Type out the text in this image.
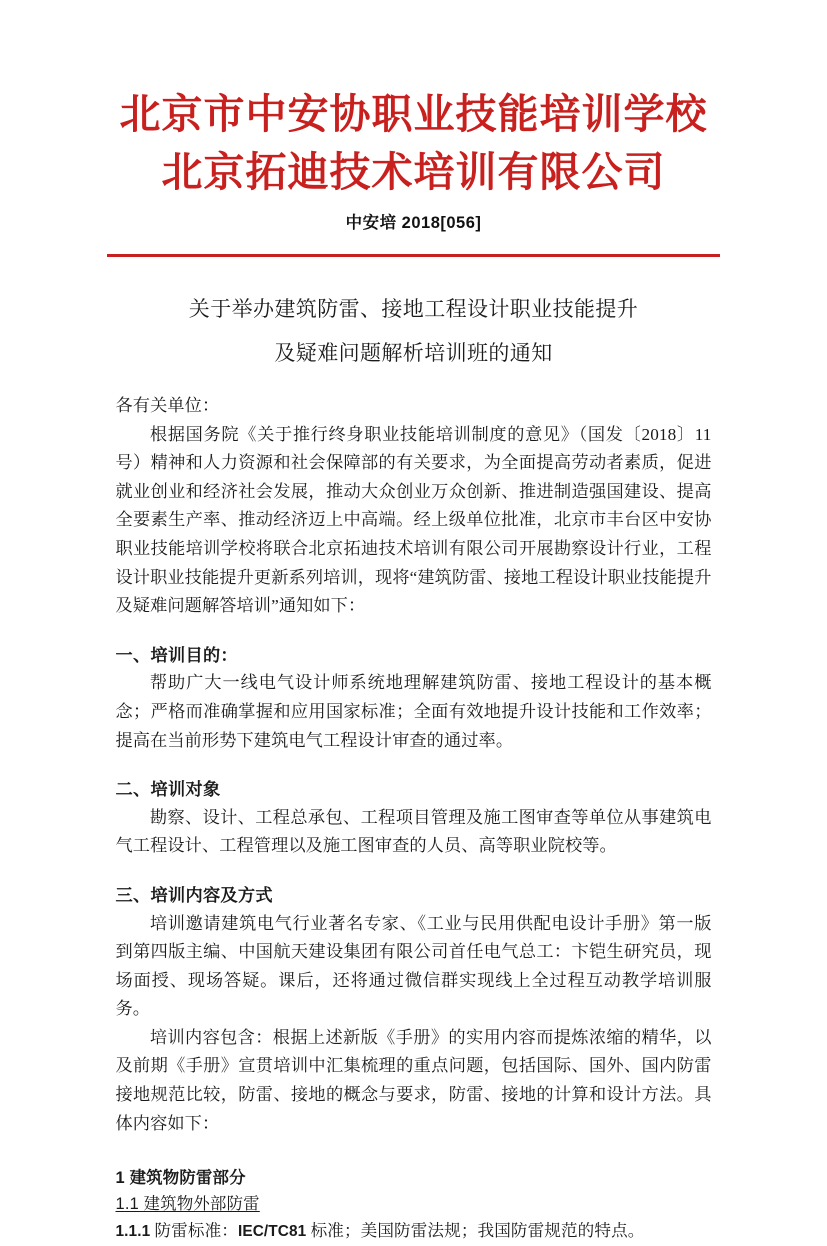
北京市中安协职业技能培训学校
北京拓迪技术培训有限公司
中安培 2018[056]
关于举办建筑防雷、接地工程设计职业技能提升
及疑难问题解析培训班的通知

各有关单位：

根据国务院《关于推行终身职业技能培训制度的意见》（国发〔2018〕11 号）精神和人力资源和社会保障部的有关要求，为全面提高劳动者素质，促进就业创业和经济社会发展，推动大众创业万众创新、推进制造强国建设、提高全要素生产率、推动经济迈上中高端。经上级单位批准，北京市丰台区中安协职业技能培训学校将联合北京拓迪技术培训有限公司开展勘察设计行业，工程设计职业技能提升更新系列培训，现将“建筑防雷、接地工程设计职业技能提升及疑难问题解答培训”通知如下：

一、培训目的：

帮助广大一线电气设计师系统地理解建筑防雷、接地工程设计的基本概念；严格而准确掌握和应用国家标准；全面有效地提升设计技能和工作效率；提高在当前形势下建筑电气工程设计审查的通过率。

二、培训对象

勘察、设计、工程总承包、工程项目管理及施工图审查等单位从事建筑电气工程设计、工程管理以及施工图审查的人员、高等职业院校等。

三、培训内容及方式

培训邀请建筑电气行业著名专家、《工业与民用供配电设计手册》第一版到第四版主编、中国航天建设集团有限公司首任电气总工：卞铠生研究员，现场面授、现场答疑。课后，还将通过微信群实现线上全过程互动教学培训服务。

培训内容包含：根据上述新版《手册》的实用内容而提炼浓缩的精华，以及前期《手册》宣贯培训中汇集梳理的重点问题，包括国际、国外、国内防雷接地规范比较，防雷、接地的概念与要求，防雷、接地的计算和设计方法。具体内容如下：

1 建筑物防雷部分

1.1 建筑物外部防雷

1.1.1 防雷标准：IEC/TC81 标准；美国防雷法规；我国防雷规范的特点。
